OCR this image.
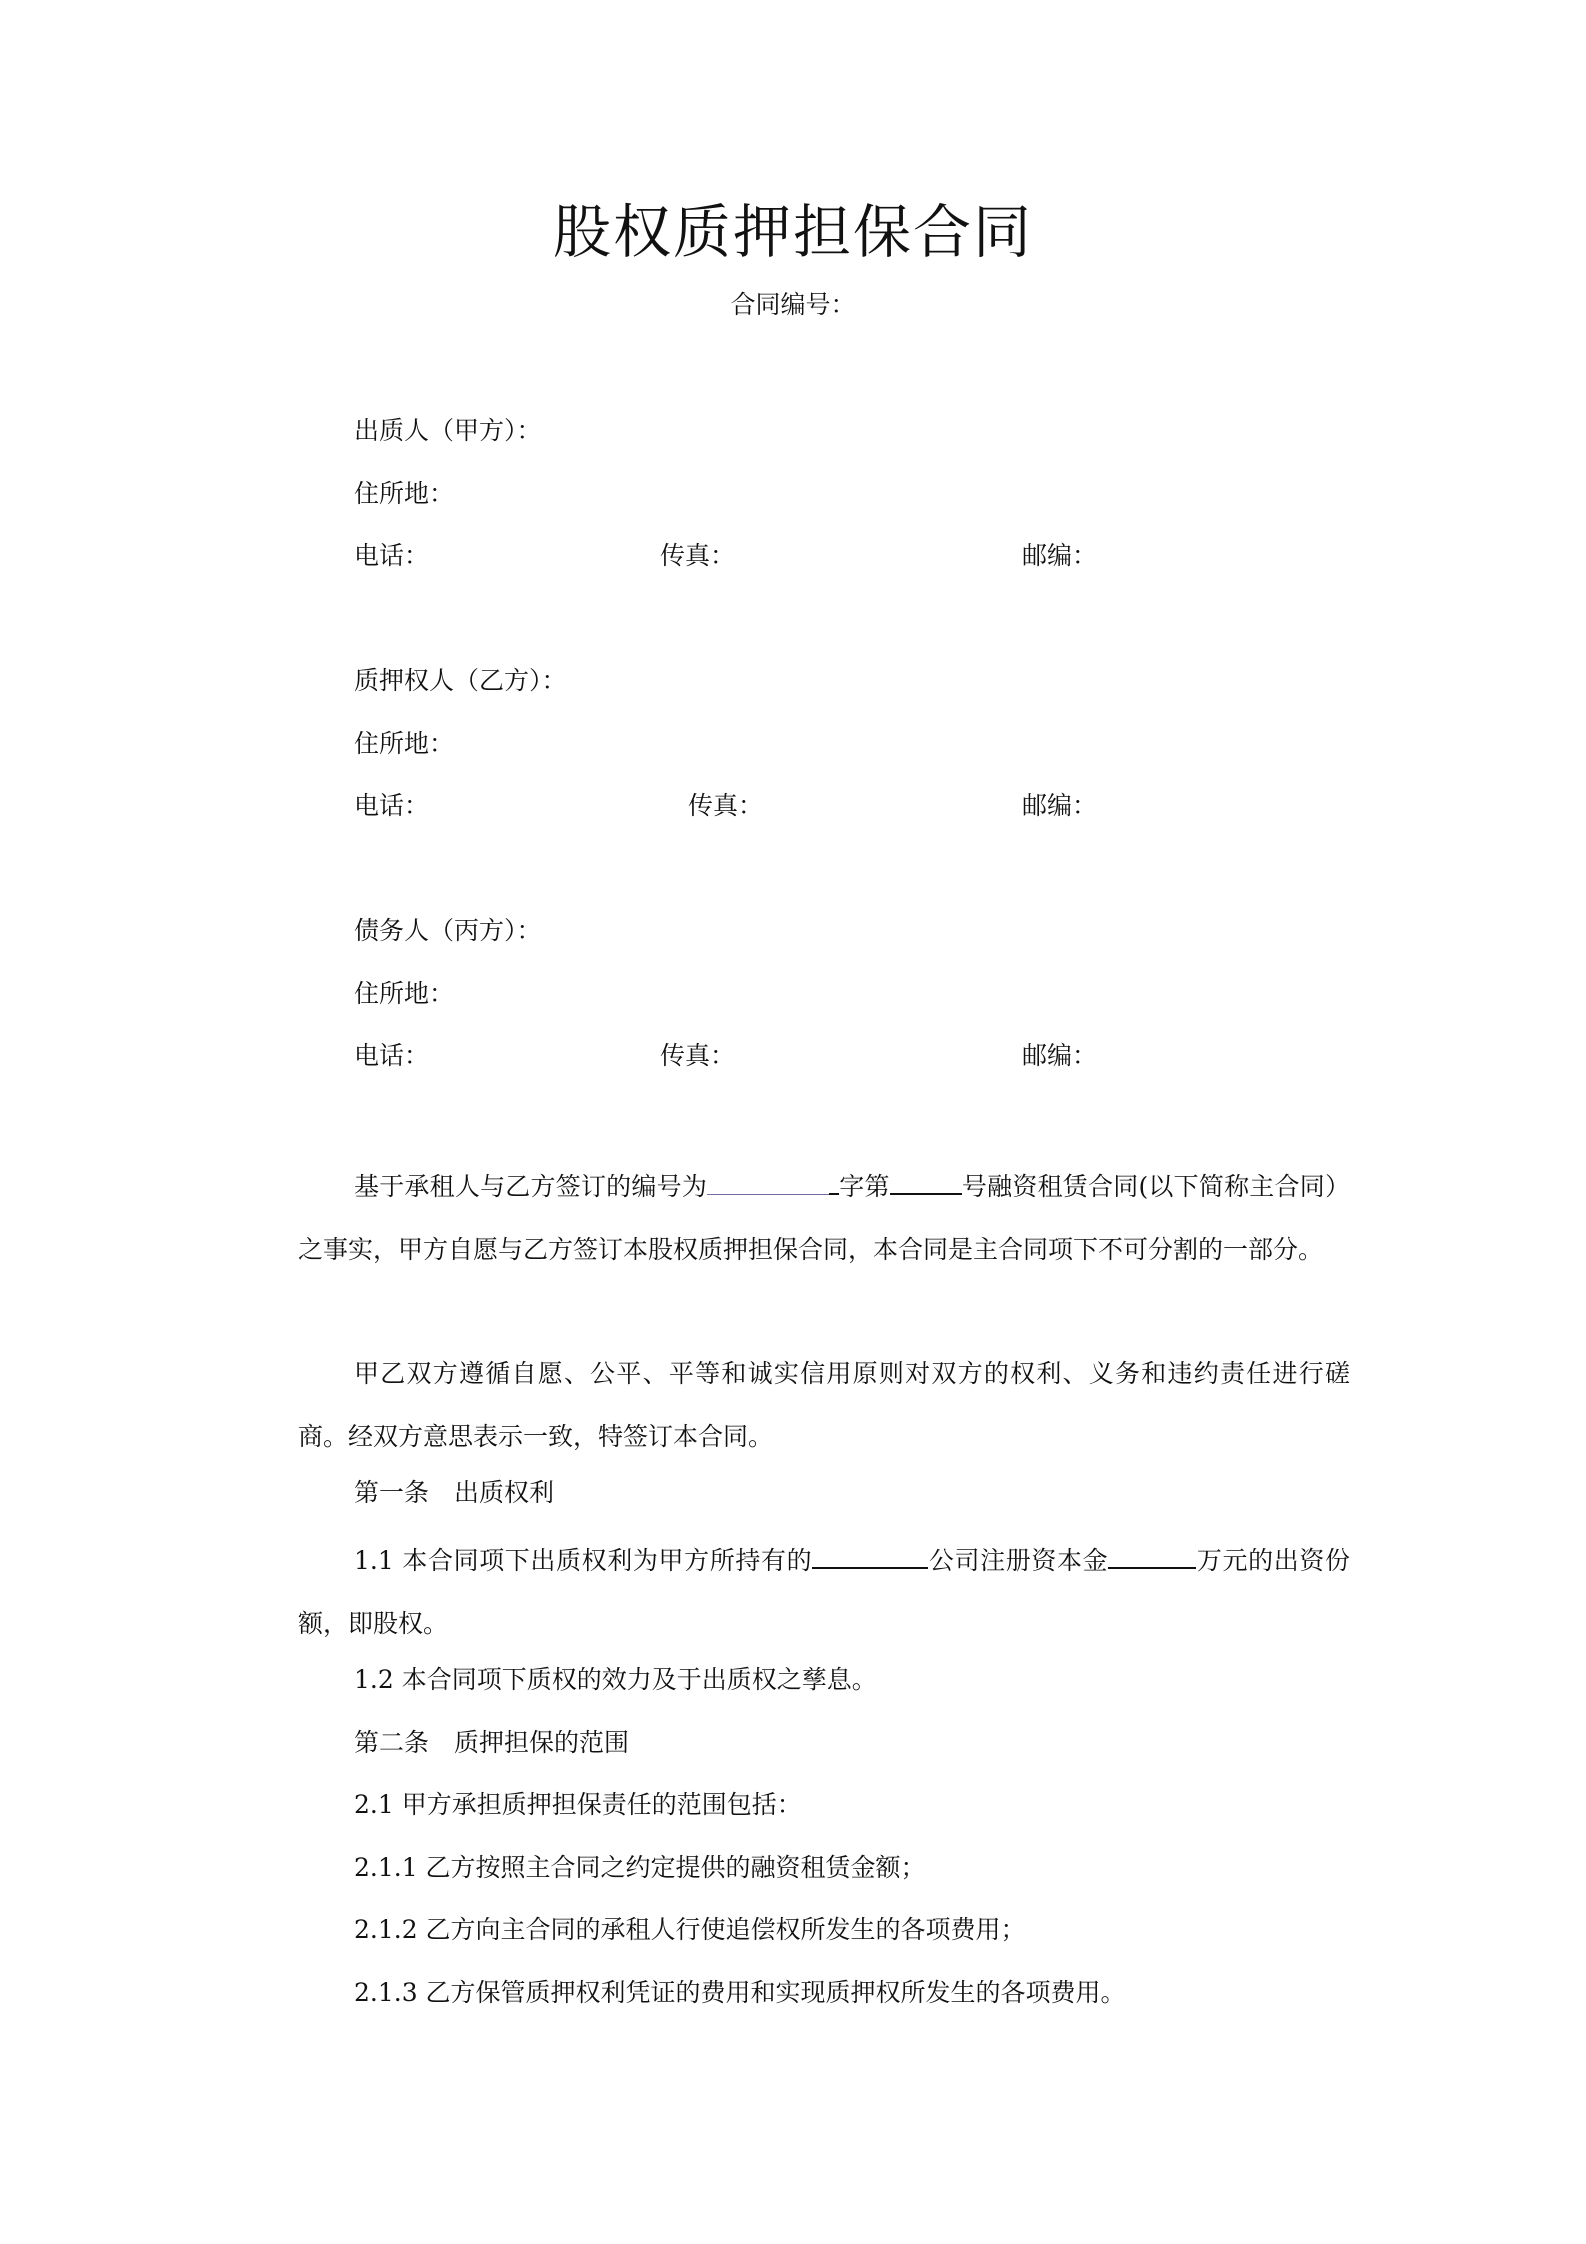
股权质押担保合同
合同编号：
出质人（甲方）：
住所地：
电话：	传真：	邮编：
质押权人（乙方）：
住所地：
电话：	传真：	邮编：
债务人（丙方）：
住所地：
电话：	传真：	邮编：

基于承租人与乙方签订的编号为	字第	号融资租赁合同(以下简称主合同）之事实，甲方自愿与乙方签订本股权质押担保合同，本合同是主合同项下不可分割的一部分。

甲乙双方遵循自愿、公平、平等和诚实信用原则对双方的权利、义务和违约责任进行磋商。经双方意思表示一致，特签订本合同。

第一条　出质权利

1.1 本合同项下出质权利为甲方所持有的	公司注册资本金	万元的出资份额，即股权。

1.2 本合同项下质权的效力及于出质权之孳息。
第二条　质押担保的范围
2.1 甲方承担质押担保责任的范围包括：
2.1.1 乙方按照主合同之约定提供的融资租赁金额；
2.1.2 乙方向主合同的承租人行使追偿权所发生的各项费用；
2.1.3 乙方保管质押权利凭证的费用和实现质押权所发生的各项费用。
